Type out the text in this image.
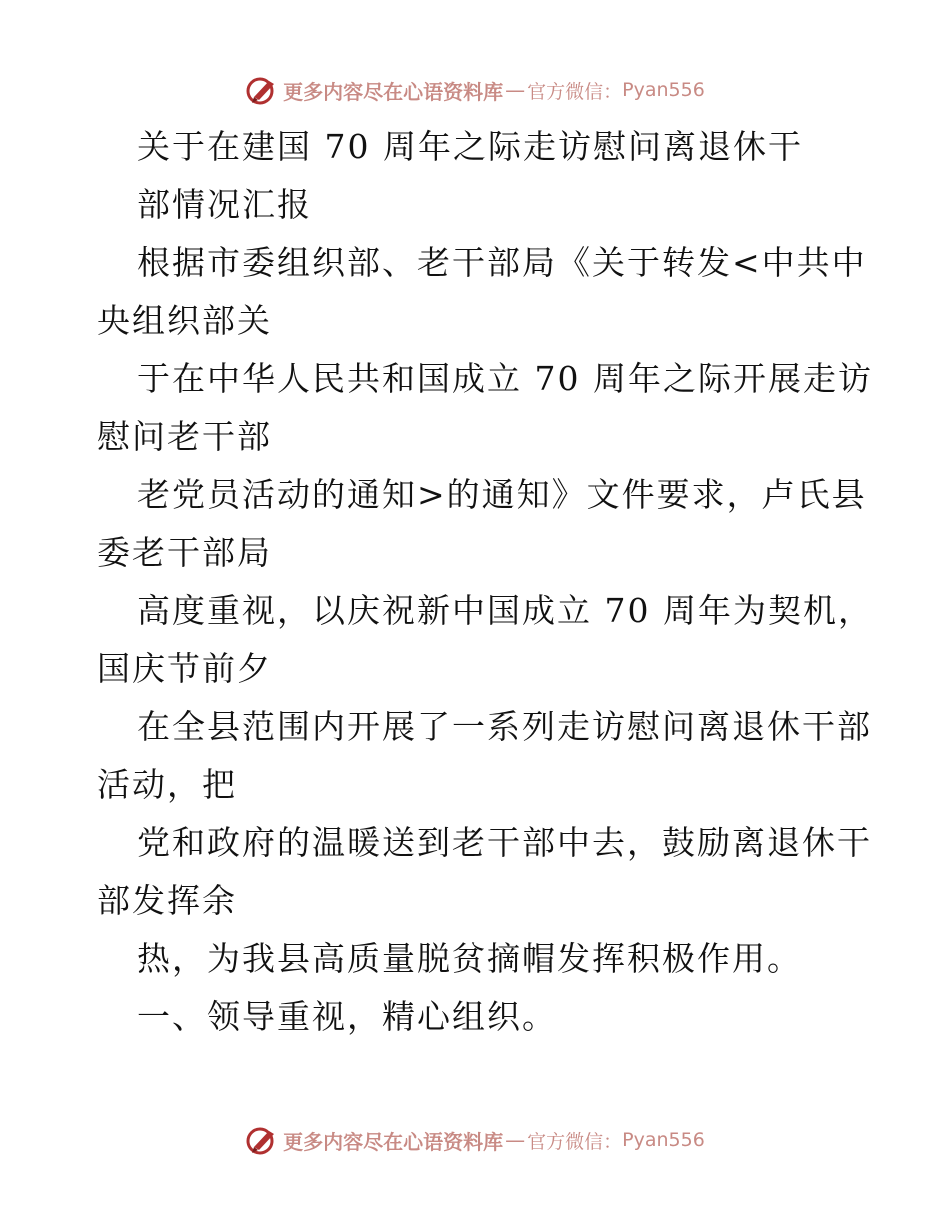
更多内容尽在心语资料库 — 官方微信： Pyan556
关于在建国 70 周年之际走访慰问离退休干
部情况汇报
根据市委组织部、老干部局《关于转发<中共中
央组织部关
于在中华人民共和国成立 70 周年之际开展走访
慰问老干部
老党员活动的通知>的通知》文件要求，卢氏县
委老干部局
高度重视，以庆祝新中国成立 70 周年为契机，
国庆节前夕
在全县范围内开展了一系列走访慰问离退休干部
活动，把
党和政府的温暖送到老干部中去，鼓励离退休干
部发挥余
热，为我县高质量脱贫摘帽发挥积极作用。
一、领导重视，精心组织。
更多内容尽在心语资料库 — 官方微信： Pyan556
